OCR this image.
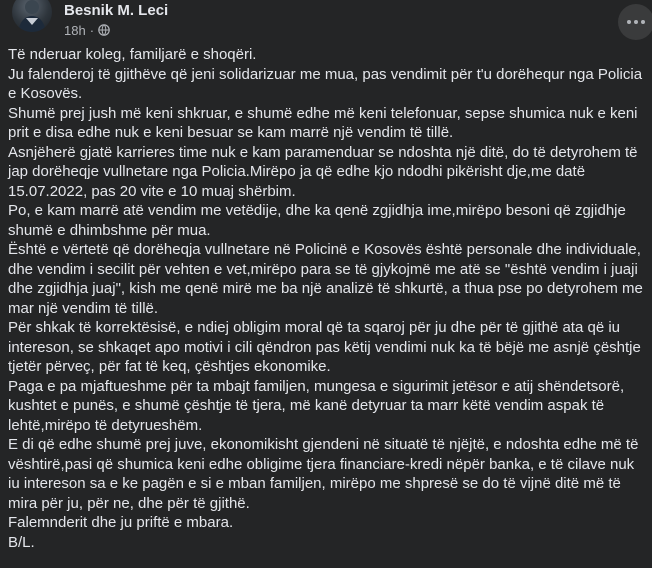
Besnik M. Leci
18h ·

Të nderuar koleg, familjarë e shoqëri.

Ju falenderoj të gjithëve që jeni solidarizuar me mua, pas vendimit për t'u dorëhequr nga Policia e Kosovës.

Shumë prej jush më keni shkruar, e shumë edhe më keni telefonuar, sepse shumica nuk e keni prit e disa edhe nuk e keni besuar se kam marrë një vendim të tillë.

Asnjëherë gjatë karrieres time nuk e kam paramenduar se ndoshta një ditë, do të detyrohem të jap dorëheqje vullnetare nga Policia.Mirëpo ja që edhe kjo ndodhi pikërisht dje,me datë 15.07.2022, pas 20 vite e 10 muaj shërbim.

Po, e kam marrë atë vendim me vetëdije, dhe ka qenë zgjidhja ime,mirëpo besoni që zgjidhje shumë e dhimbshme për mua.

Është e vërtetë që dorëheqja vullnetare në Policinë e Kosovës është personale dhe individuale, dhe vendim i secilit për vehten e vet,mirëpo para se të gjykojmë me atë se "është vendim i juaji dhe zgjidhja juaj", kish me qenë mirë me ba një analizë të shkurtë, a thua pse po detyrohem me mar një vendim të tillë.

Për shkak të korrektësisë, e ndiej obligim moral që ta sqaroj për ju dhe për të gjithë ata që iu intereson, se shkaqet apo motivi i cili qëndron pas këtij vendimi nuk ka të bëjë me asnjë çështje tjetër përveç, për fat të keq, çështjes ekonomike.

Paga e pa mjaftueshme për ta mbajt familjen, mungesa e sigurimit jetësor e atij shëndetsorë, kushtet e punës, e shumë çështje të tjera, më kanë detyruar ta marr këtë vendim aspak të lehtë,mirëpo të detyrueshëm.

E di që edhe shumë prej juve, ekonomikisht gjendeni në situatë të njëjtë, e ndoshta edhe më të vështirë,pasi që shumica keni edhe obligime tjera financiare-kredi nëpër banka, e të cilave nuk iu intereson sa e ke pagën e si e mban familjen, mirëpo me shpresë se do të vijnë ditë më të mira për ju, për ne, dhe për të gjithë.

Falemnderit dhe ju priftë e mbara.

B/L.
